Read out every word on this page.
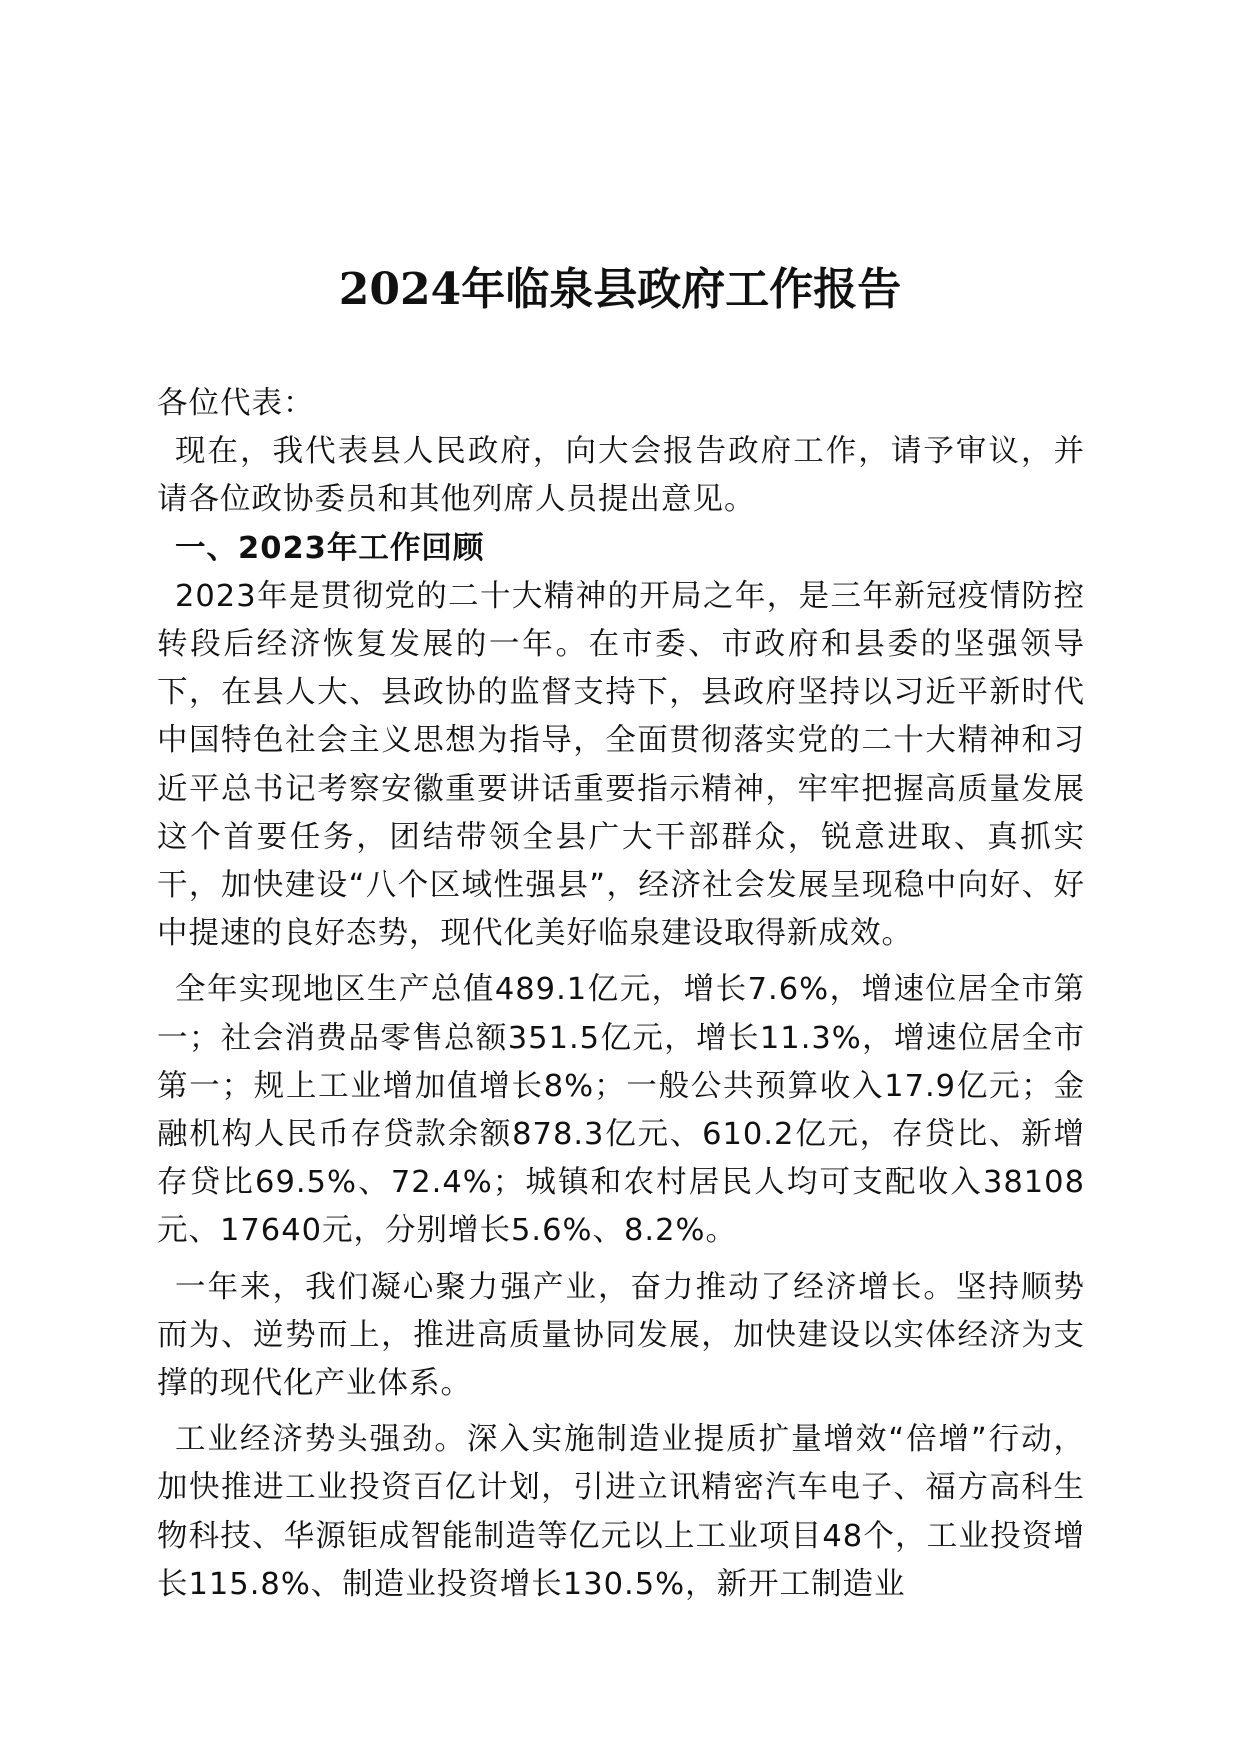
2024年临泉县政府工作报告

各位代表：

现在，我代表县人民政府，向大会报告政府工作，请予审议，并请各位政协委员和其他列席人员提出意见。

一、2023年工作回顾

2023年是贯彻党的二十大精神的开局之年，是三年新冠疫情防控转段后经济恢复发展的一年。在市委、市政府和县委的坚强领导下，在县人大、县政协的监督支持下，县政府坚持以习近平新时代中国特色社会主义思想为指导，全面贯彻落实党的二十大精神和习近平总书记考察安徽重要讲话重要指示精神，牢牢把握高质量发展这个首要任务，团结带领全县广大干部群众，锐意进取、真抓实干，加快建设“八个区域性强县”，经济社会发展呈现稳中向好、好中提速的良好态势，现代化美好临泉建设取得新成效。

全年实现地区生产总值489.1亿元，增长7.6%，增速位居全市第一；社会消费品零售总额351.5亿元，增长11.3%，增速位居全市第一；规上工业增加值增长8%；一般公共预算收入17.9亿元；金融机构人民币存贷款余额878.3亿元、610.2亿元，存贷比、新增存贷比69.5%、72.4%；城镇和农村居民人均可支配收入38108元、17640元，分别增长5.6%、8.2%。

一年来，我们凝心聚力强产业，奋力推动了经济增长。坚持顺势而为、逆势而上，推进高质量协同发展，加快建设以实体经济为支撑的现代化产业体系。

工业经济势头强劲。深入实施制造业提质扩量增效“倍增”行动，加快推进工业投资百亿计划，引进立讯精密汽车电子、福方高科生物科技、华源钜成智能制造等亿元以上工业项目48个，工业投资增长115.8%、制造业投资增长130.5%，新开工制造业
